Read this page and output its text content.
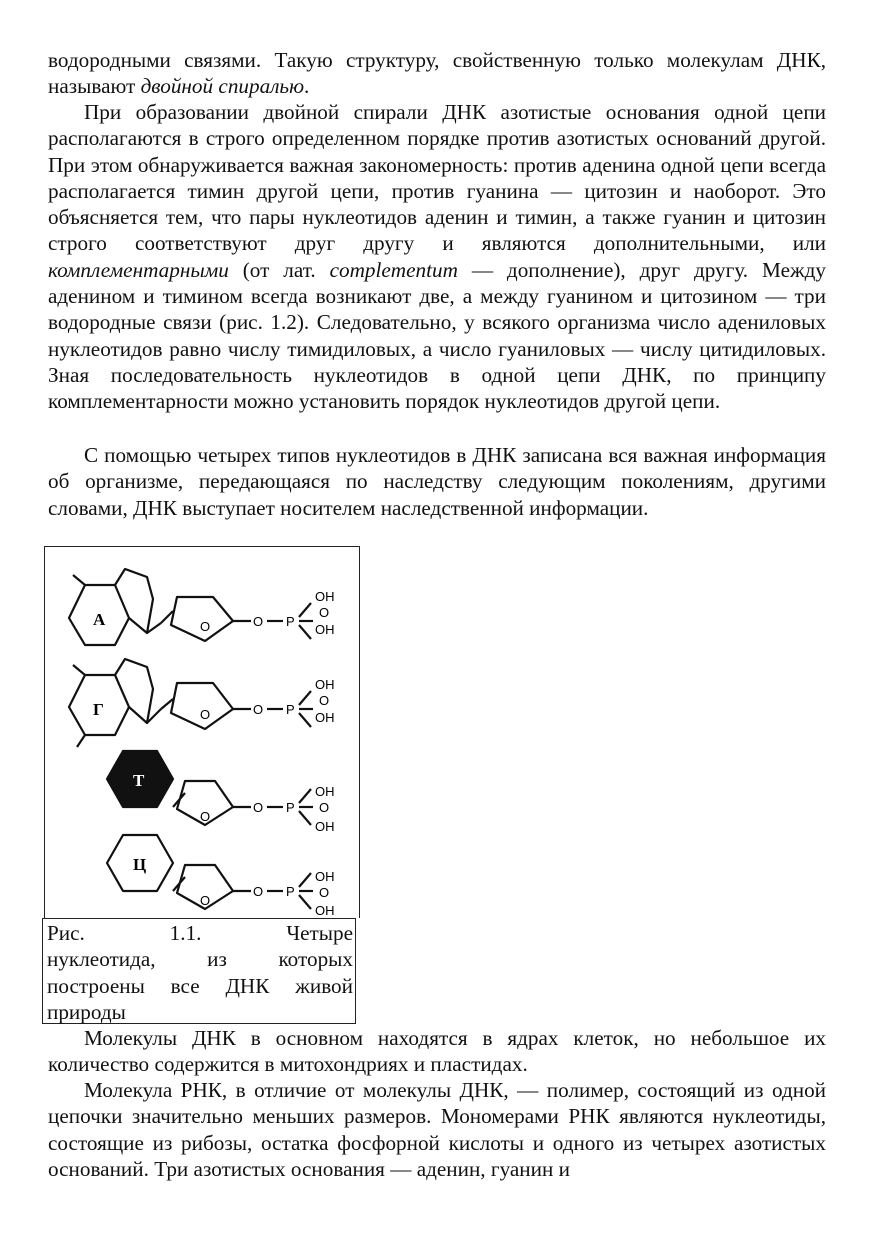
водородными связями. Такую структуру, свойственную только молекулам ДНК, называют двойной спиралью.

При образовании двойной спирали ДНК азотистые основания одной цепи располагаются в строго определенном порядке против азотистых оснований другой. При этом обнаруживается важная закономерность: против аденина одной цепи всегда располагается тимин другой цепи, против гуанина — цитозин и наоборот. Это объясняется тем, что пары нуклеотидов аденин и тимин, а также гуанин и цитозин строго соответствуют друг другу и являются дополнительными, или комплементарными (от лат. complementum — дополнение), друг другу. Между аденином и тимином всегда возникают две, а между гуанином и цитозином — три водородные связи (рис. 1.2). Следовательно, у всякого организма число адениловых нуклеотидов равно числу тимидиловых, а число гуаниловых — числу цитидиловых. Зная последовательность нуклеотидов в одной цепи ДНК, по принципу комплементарности можно установить порядок нуклеотидов другой цепи.

С помощью четырех типов нуклеотидов в ДНК записана вся важная информация об организме, передающаяся по наследству следующим поколениям, другими словами, ДНК выступает носителем наследственной информации.

А
Г
Т
Ц
O
O
O
O
O P
O P
O P
O P
OH
O
OH
OH
O
OH
OH
O
OH
OH
O
OH
Рис. 1.1. Четыре
нуклеотида, из которых
построены все ДНК живой
природы

Молекулы ДНК в основном находятся в ядрах клеток, но небольшое их количество содержится в митохондриях и пластидах.

Молекула РНК, в отличие от молекулы ДНК, — полимер, состоящий из одной цепочки значительно меньших размеров. Мономерами РНК являются нуклеотиды, состоящие из рибозы, остатка фосфорной кислоты и одного из четырех азотистых оснований. Три азотистых основания — аденин, гуанин и
